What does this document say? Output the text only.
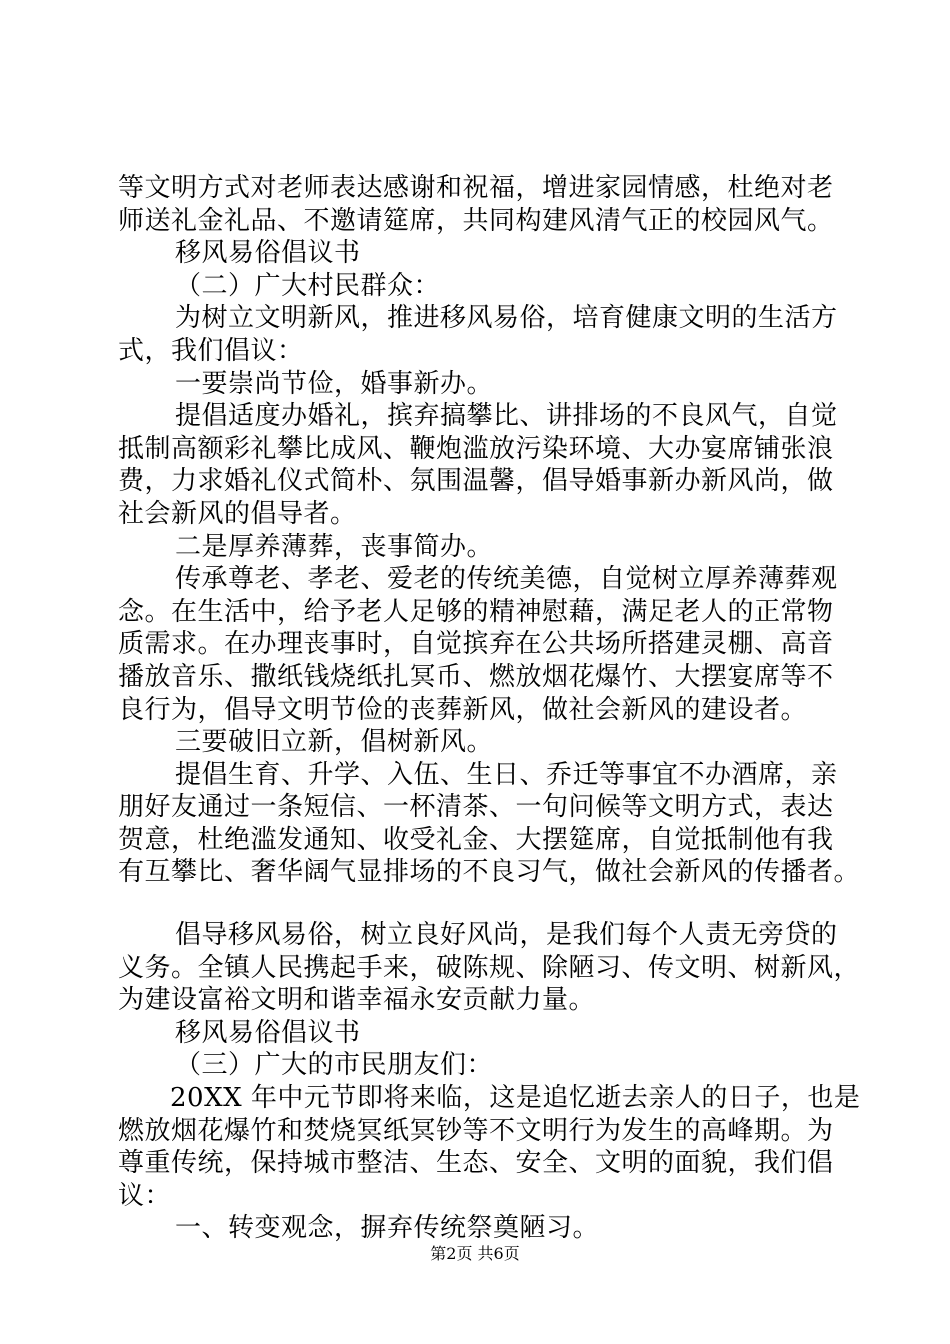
等文明方式对老师表达感谢和祝福，增进家园情感，杜绝对老
师送礼金礼品、不邀请筵席，共同构建风清气正的校园风气。
移风易俗倡议书
（二）广大村民群众：
为树立文明新风，推进移风易俗，培育健康文明的生活方
式，我们倡议：
一要崇尚节俭，婚事新办。
提倡适度办婚礼，摈弃搞攀比、讲排场的不良风气，自觉
抵制高额彩礼攀比成风、鞭炮滥放污染环境、大办宴席铺张浪
费，力求婚礼仪式简朴、氛围温馨，倡导婚事新办新风尚，做
社会新风的倡导者。
二是厚养薄葬，丧事简办。
传承尊老、孝老、爱老的传统美德，自觉树立厚养薄葬观
念。在生活中，给予老人足够的精神慰藉，满足老人的正常物
质需求。在办理丧事时，自觉摈弃在公共场所搭建灵棚、高音
播放音乐、撒纸钱烧纸扎冥币、燃放烟花爆竹、大摆宴席等不
良行为，倡导文明节俭的丧葬新风，做社会新风的建设者。
三要破旧立新，倡树新风。
提倡生育、升学、入伍、生日、乔迁等事宜不办酒席，亲
朋好友通过一条短信、一杯清茶、一句问候等文明方式，表达
贺意，杜绝滥发通知、收受礼金、大摆筵席，自觉抵制他有我
有互攀比、奢华阔气显排场的不良习气，做社会新风的传播者。
倡导移风易俗，树立良好风尚，是我们每个人责无旁贷的
义务。全镇人民携起手来，破陈规、除陋习、传文明、树新风，
为建设富裕文明和谐幸福永安贡献力量。
移风易俗倡议书
（三）广大的市民朋友们：
20XX 年中元节即将来临，这是追忆逝去亲人的日子，也是
燃放烟花爆竹和焚烧冥纸冥钞等不文明行为发生的高峰期。为
尊重传统，保持城市整洁、生态、安全、文明的面貌，我们倡
议：
一、转变观念，摒弃传统祭奠陋习。
第2页 共6页
